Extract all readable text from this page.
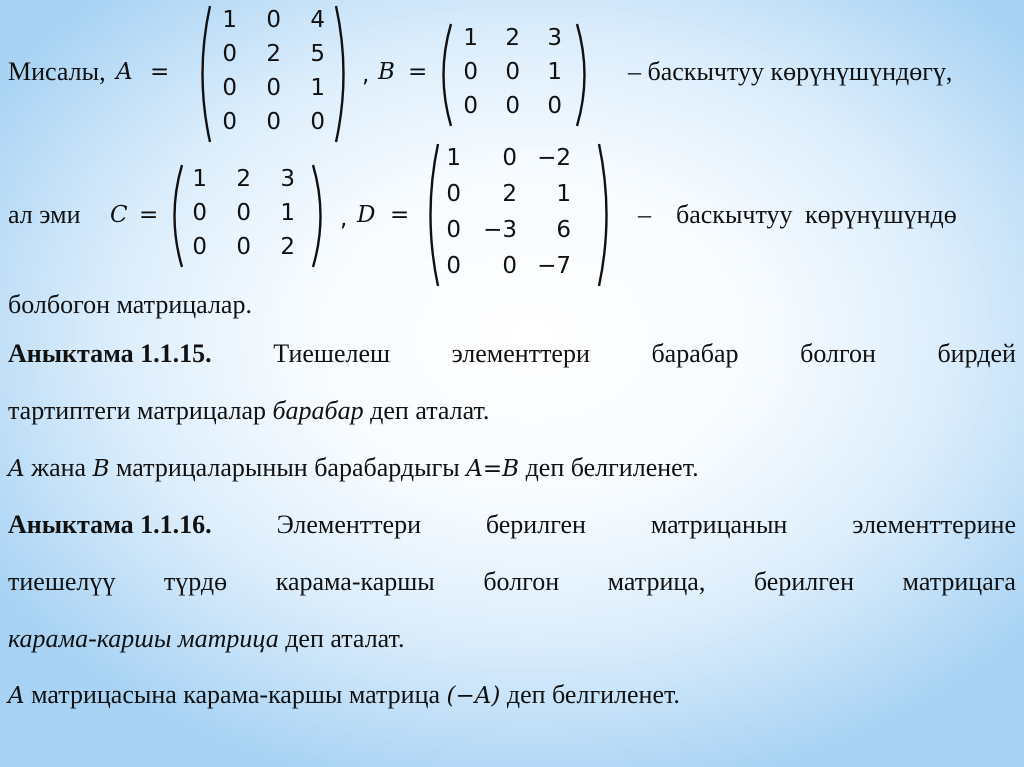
Мисалы, A =
1 0 4
0 2 5
0 0 1
0 0 0
, B =
1 2 3
0 0 1
0 0 0
– баскычтуу көрүнүшүндөгү,
ал эми C =
1 2 3
0 0 1
0 0 2
, D =
1 0 −2
0 2 1
0 −3 6
0 0 −7
– баскычтуу көрүнүшүндө
болбогон матрицалар.
Аныктама 1.1.15. Тиешелеш элементтери барабар болгон бирдей
тартиптеги матрицалар барабар деп аталат.
A жана B матрицаларынын барабардыгы A=B деп белгиленет.
Аныктама 1.1.16. Элементтери берилген матрицанын элементтерине
тиешелүү түрдө карама-каршы болгон матрица, берилген матрицага
карама-каршы матрица деп аталат.
A матрицасына карама-каршы матрица (−A) деп белгиленет.
